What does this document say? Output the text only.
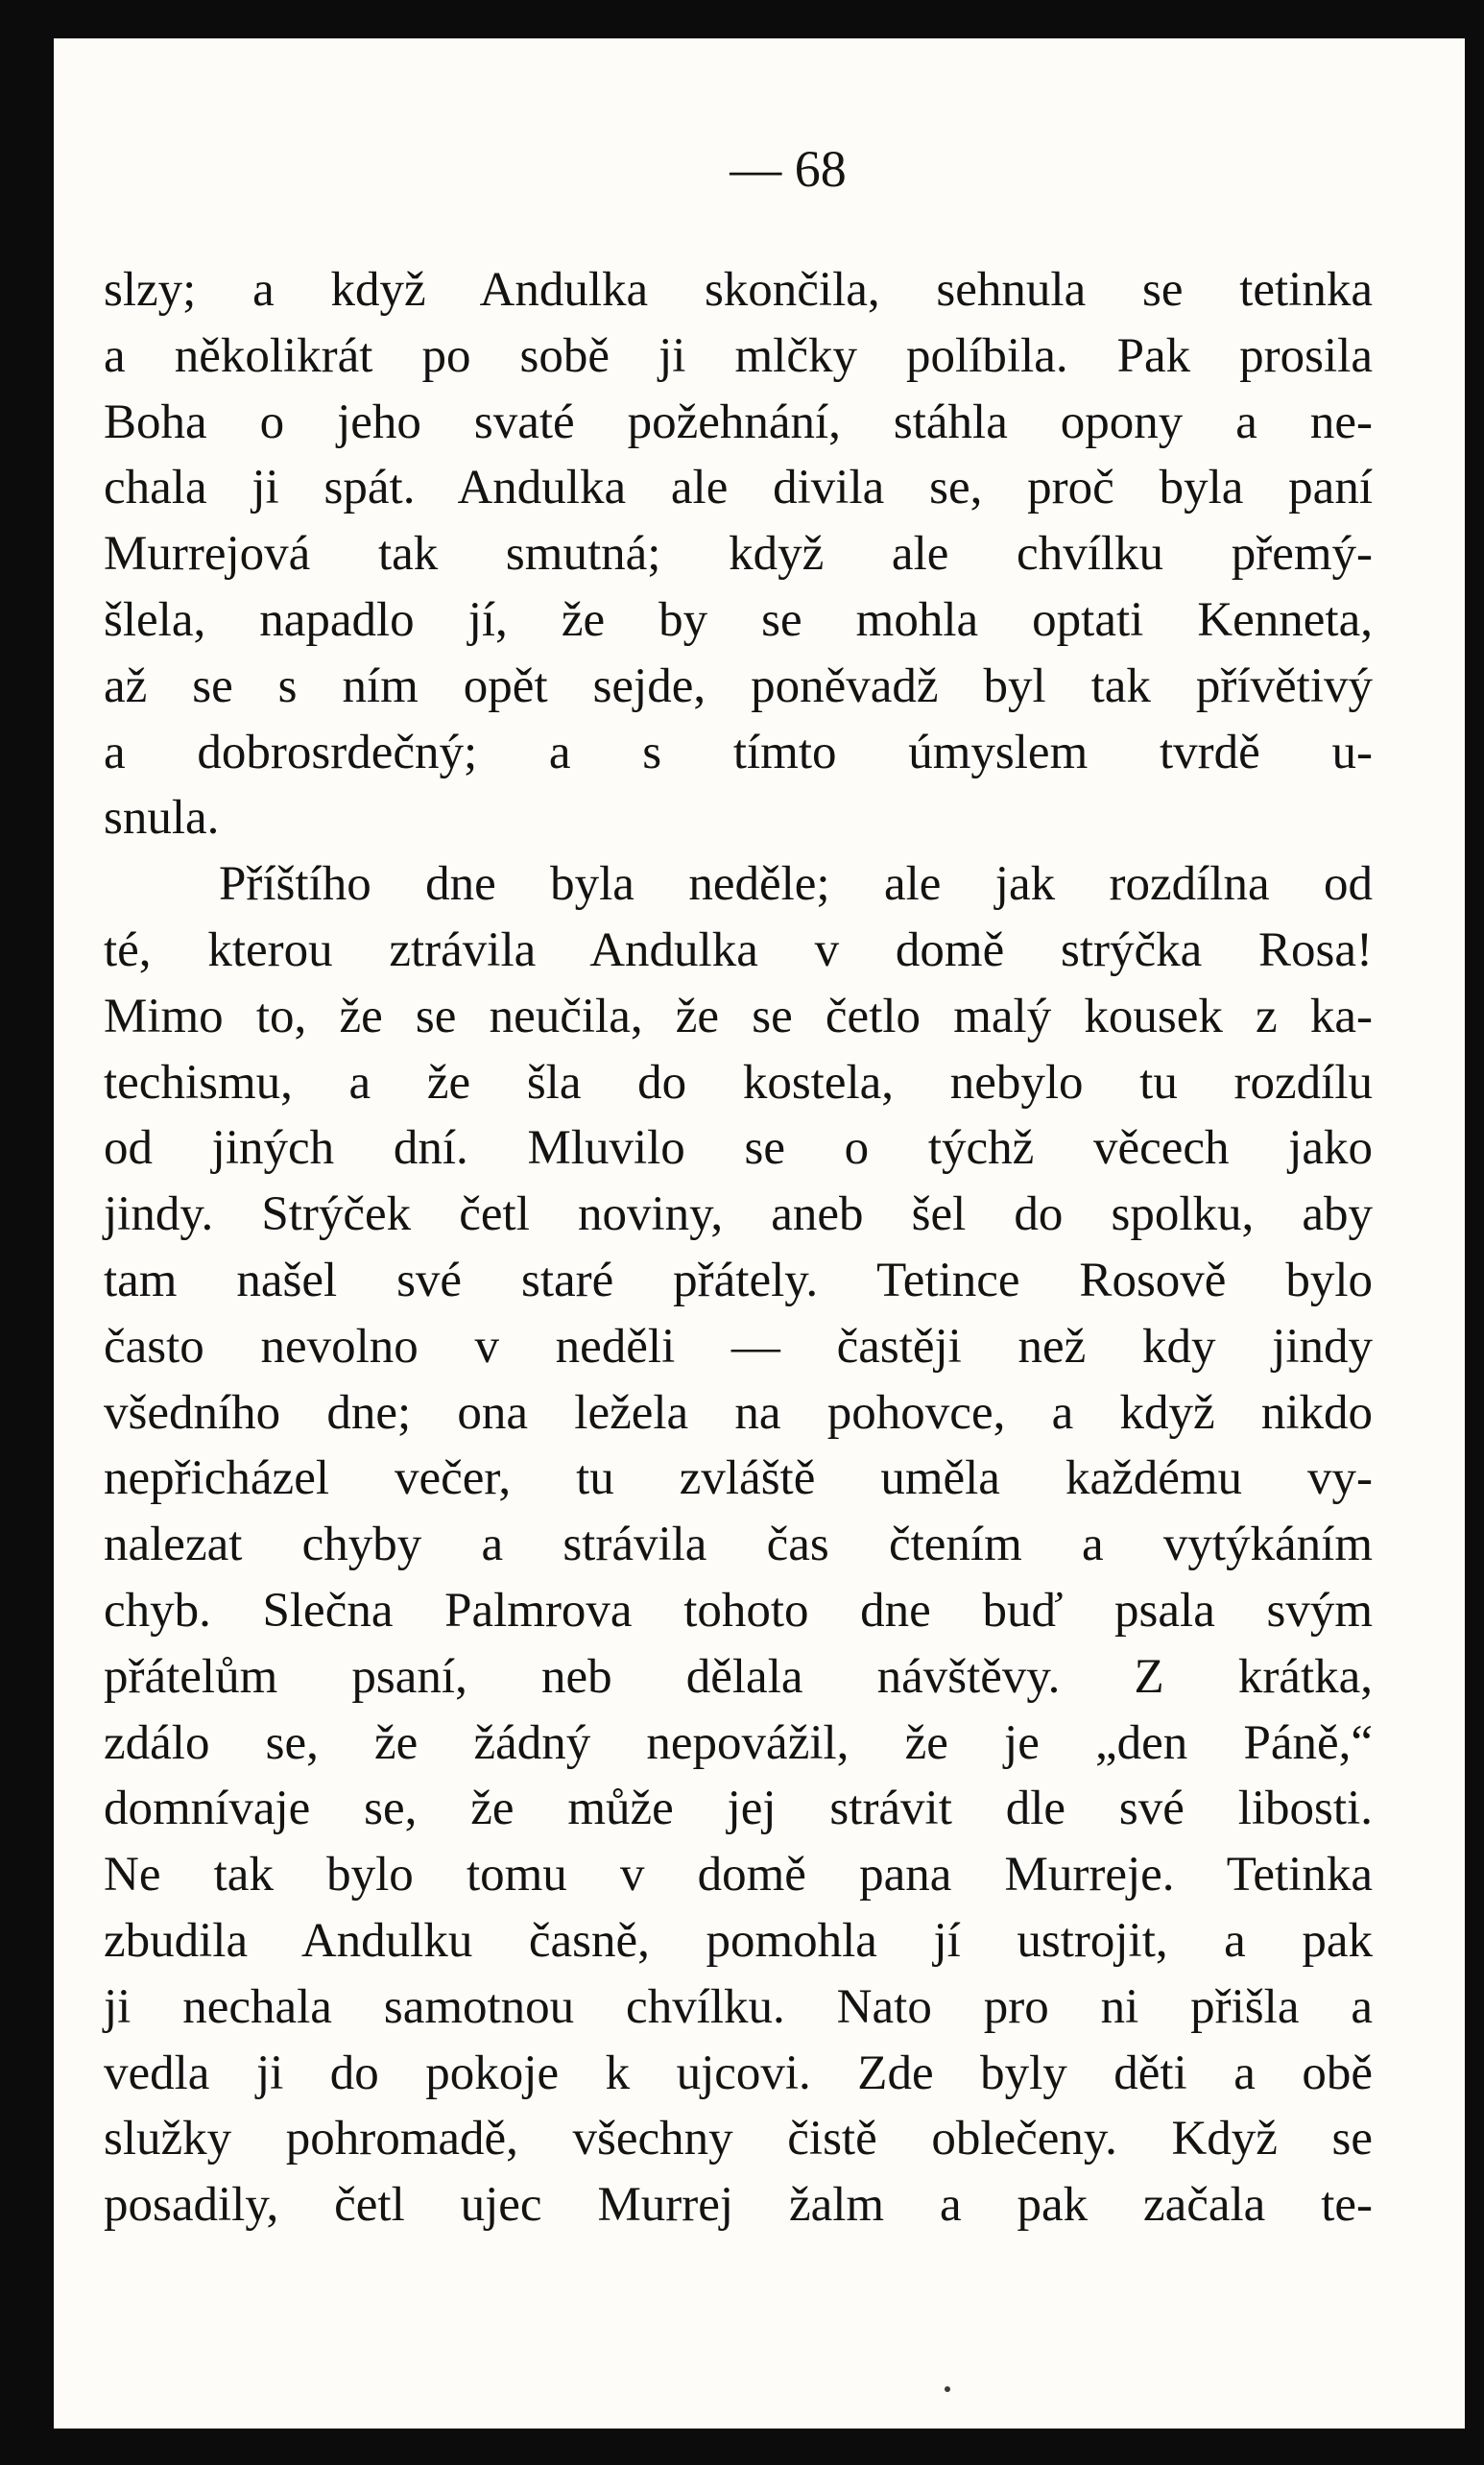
— 68
slzy; a když Andulka skončila, sehnula se tetinka
a několikrát po sobě ji mlčky políbila. Pak prosila
Boha o jeho svaté požehnání, stáhla opony a ne-
chala ji spát. Andulka ale divila se, proč byla paní
Murrejová tak smutná; když ale chvílku přemý-
šlela, napadlo jí, že by se mohla optati Kenneta,
až se s ním opět sejde, poněvadž byl tak přívětivý
a dobrosrdečný; a s tímto úmyslem tvrdě u-
snula.
Příštího dne byla neděle; ale jak rozdílna od
té, kterou ztrávila Andulka v domě strýčka Rosa!
Mimo to, že se neučila, že se četlo malý kousek z ka-
techismu, a že šla do kostela, nebylo tu rozdílu
od jiných dní. Mluvilo se o týchž věcech jako
jindy. Strýček četl noviny, aneb šel do spolku, aby
tam našel své staré přátely. Tetince Rosově bylo
často nevolno v neděli — častěji než kdy jindy
všedního dne; ona ležela na pohovce, a když nikdo
nepřicházel večer, tu zvláště uměla každému vy-
nalezat chyby a strávila čas čtením a vytýkáním
chyb. Slečna Palmrova tohoto dne buď psala svým
přátelům psaní, neb dělala návštěvy. Z krátka,
zdálo se, že žádný nepovážil, že je „den Páně,“
domnívaje se, že může jej strávit dle své libosti.
Ne tak bylo tomu v domě pana Murreje. Tetinka
zbudila Andulku časně, pomohla jí ustrojit, a pak
ji nechala samotnou chvílku. Nato pro ni přišla a
vedla ji do pokoje k ujcovi. Zde byly děti a obě
služky pohromadě, všechny čistě oblečeny. Když se
posadily, četl ujec Murrej žalm a pak začala te-
